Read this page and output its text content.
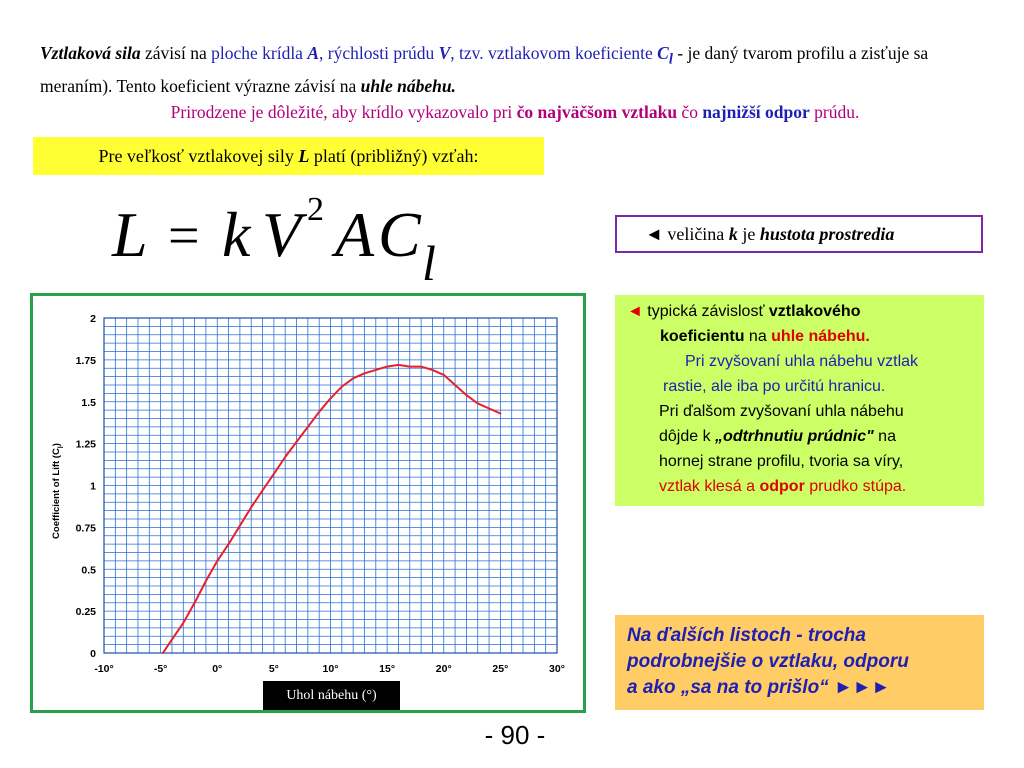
Vztlaková sila závisí na ploche krídla A, rýchlosti prúdu V, tzv. vztlakovom koeficiente $C_l$ - je daný tvarom profilu a zisťuje sa meraním). Tento koeficient výrazne závisí na uhle nábehu.
Prirodzene je dôležité, aby krídlo vykazovalo pri čo najväčšom vztlaku čo najnižší odpor prúdu.
Pre veľkosť vztlakovej sily L platí (približný) vzťah:
L = k V 2 A C l
◄ veličina k je hustota prostredia
0
0.25
0.5
0.75
1
1.25
1.5
1.75
2
-10°	-5°	0°	5°	10°	15°	20°	25°	30°
Coefficient of Lift $(C_l)$
Uhol nábehu (°)
◄ typická závislosť vztlakového
koeficientu na uhle nábehu.
Pri zvyšovaní uhla nábehu vztlak
rastie, ale iba po určitú hranicu.
Pri ďalšom zvyšovaní uhla nábehu
dôjde k „odtrhnutiu prúdnic" na
hornej strane profilu, tvoria sa víry,
vztlak klesá a odpor prudko stúpa.
Na ďalších listoch - trocha
podrobnejšie o vztlaku, odporu
a ako „sa na to prišlo“ ►►►
- 90 -
